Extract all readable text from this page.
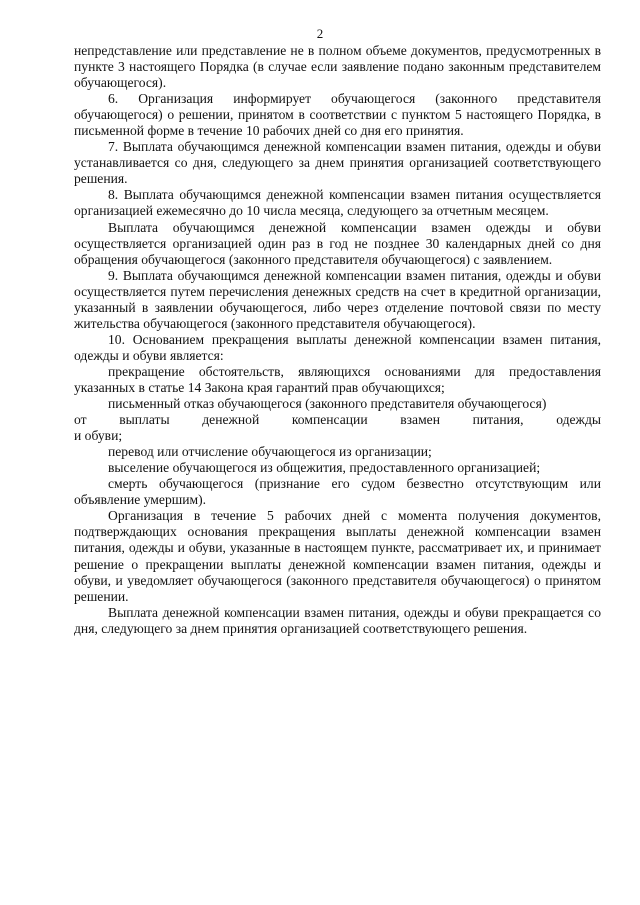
2

непредставление или представление не в полном объеме документов, предусмотренных в пункте 3 настоящего Порядка (в случае если заявление подано законным представителем обучающегося).

6. Организация информирует обучающегося (законного представителя обучающегося) о решении, принятом в соответствии с пунктом 5 настоящего Порядка, в письменной форме в течение 10 рабочих дней со дня его принятия.

7. Выплата обучающимся денежной компенсации взамен питания, одежды и обуви устанавливается со дня, следующего за днем принятия организацией соответствующего решения.

8. Выплата обучающимся денежной компенсации взамен питания осуществляется организацией ежемесячно до 10 числа месяца, следующего за отчетным месяцем.

Выплата обучающимся денежной компенсации взамен одежды и обуви осуществляется организацией один раз в год не позднее 30 календарных дней со дня обращения обучающегося (законного представителя обучающегося) с заявлением.

9. Выплата обучающимся денежной компенсации взамен питания, одежды и обуви осуществляется путем перечисления денежных средств на счет в кредитной организации, указанный в заявлении обучающегося, либо через отделение почтовой связи по месту жительства обучающегося (законного представителя обучающегося).

10. Основанием прекращения выплаты денежной компенсации взамен питания, одежды и обуви является:

прекращение обстоятельств, являющихся основаниями для предоставления указанных в статье 14 Закона края гарантий прав обучающихся;

письменный отказ обучающегося (законного представителя обучающегося)

от выплаты денежной компенсации взамен питания, одежды

и обуви;

перевод или отчисление обучающегося из организации;

выселение обучающегося из общежития, предоставленного организацией;

смерть обучающегося (признание его судом безвестно отсутствующим или объявление умершим).

Организация в течение 5 рабочих дней с момента получения документов, подтверждающих основания прекращения выплаты денежной компенсации взамен питания, одежды и обуви, указанные в настоящем пункте, рассматривает их, и принимает решение о прекращении выплаты денежной компенсации взамен питания, одежды и обуви, и уведомляет обучающегося (законного представителя обучающегося) о принятом решении.

Выплата денежной компенсации взамен питания, одежды и обуви прекращается со дня, следующего за днем принятия организацией соответствующего решения.
